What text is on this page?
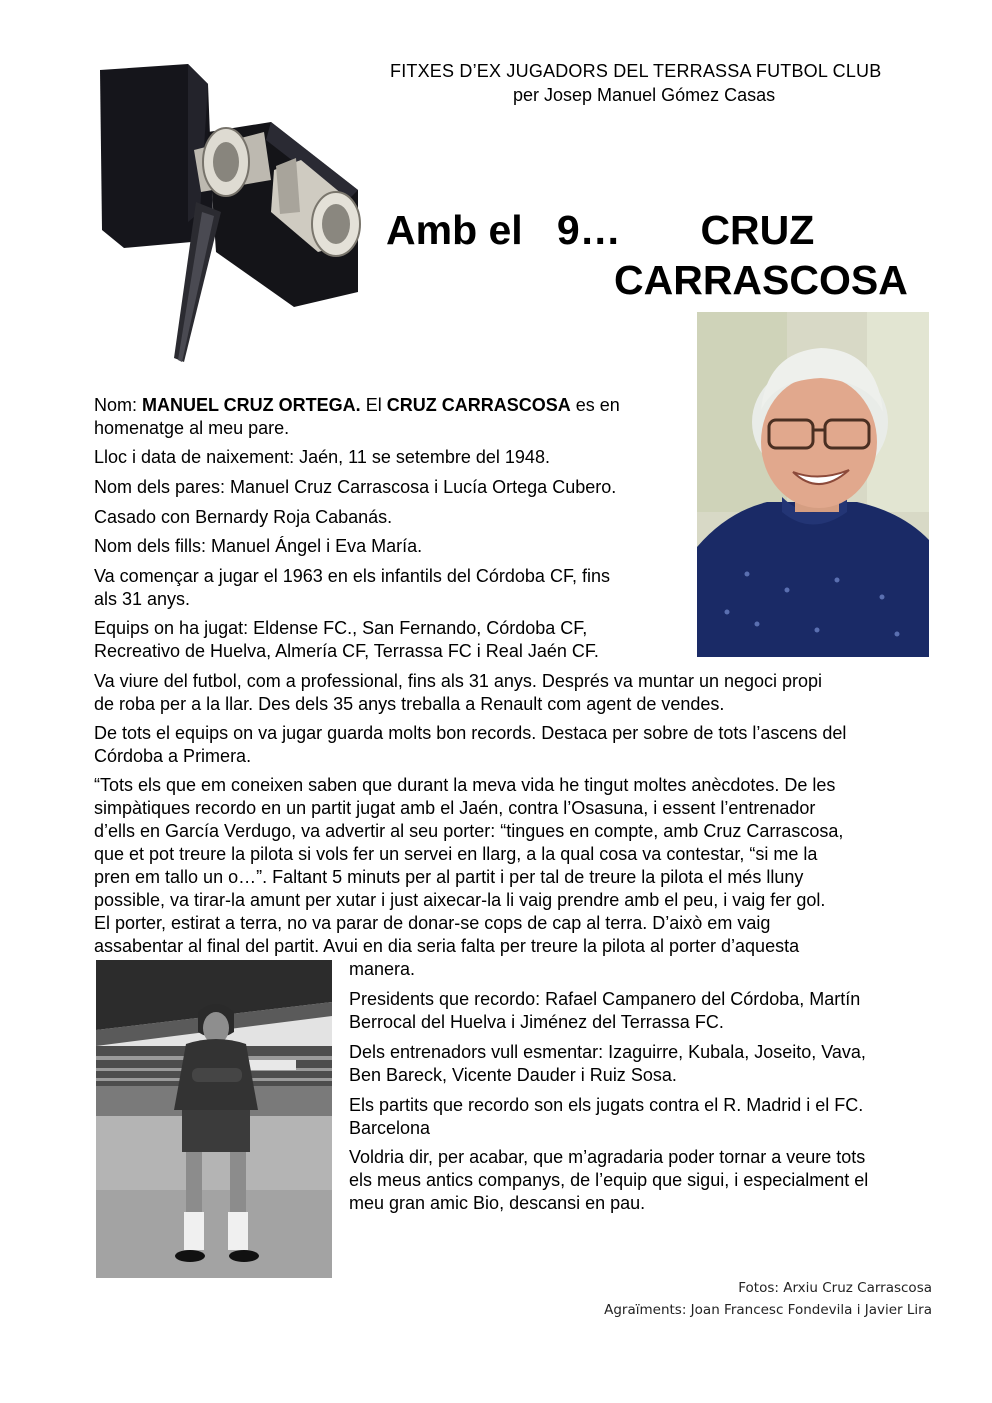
FITXES D’EX JUGADORS DEL TERRASSA FUTBOL CLUB
per Josep Manuel Gómez Casas
Amb el 9… CRUZ
CARRASCOSA

Nom: MANUEL CRUZ ORTEGA. El CRUZ CARRASCOSA es en
homenatge al meu pare.

Lloc i data de naixement: Jaén, 11 se setembre del 1948.

Nom dels pares: Manuel Cruz Carrascosa i Lucía Ortega Cubero.

Casado con Bernardy Roja Cabanás.

Nom dels fills: Manuel Ángel i Eva María.

Va començar a jugar el 1963 en els infantils del Córdoba CF, fins
als 31 anys.

Equips on ha jugat: Eldense FC., San Fernando, Córdoba CF,
Recreativo de Huelva, Almería CF, Terrassa FC i Real Jaén CF.

Va viure del futbol, com a professional, fins als 31 anys. Després va muntar un negoci propi
de roba per a la llar. Des dels 35 anys treballa a Renault com agent de vendes.

De tots el equips on va jugar guarda molts bon records. Destaca per sobre de tots l’ascens del
Córdoba a Primera.

“Tots els que em coneixen saben que durant la meva vida he tingut moltes anècdotes. De les
simpàtiques recordo en un partit jugat amb el Jaén, contra l’Osasuna, i essent l’entrenador
d’ells en García Verdugo, va advertir al seu porter: “tingues en compte, amb Cruz Carrascosa,
que et pot treure la pilota si vols fer un servei en llarg, a la qual cosa va contestar, “si me la
pren em tallo un o…”. Faltant 5 minuts per al partit i per tal de treure la pilota el més lluny
possible, va tirar-la amunt per xutar i just aixecar-la li vaig prendre amb el peu, i vaig fer gol.
El porter, estirat a terra, no va parar de donar-se cops de cap al terra. D’això em vaig
assabentar al final del partit. Avui en dia seria falta per treure la pilota al porter d’aquesta

manera.

Presidents que recordo: Rafael Campanero del Córdoba, Martín
Berrocal del Huelva i Jiménez del Terrassa FC.

Dels entrenadors vull esmentar: Izaguirre, Kubala, Joseito, Vava,
Ben Bareck, Vicente Dauder i Ruiz Sosa.

Els partits que recordo son els jugats contra el R. Madrid i el FC.
Barcelona

Voldria dir, per acabar, que m’agradaria poder tornar a veure tots
els meus antics companys, de l’equip que sigui, i especialment el
meu gran amic Bio, descansi en pau.

Fotos: Arxiu Cruz Carrascosa
Agraïments: Joan Francesc Fondevila i Javier Lira
